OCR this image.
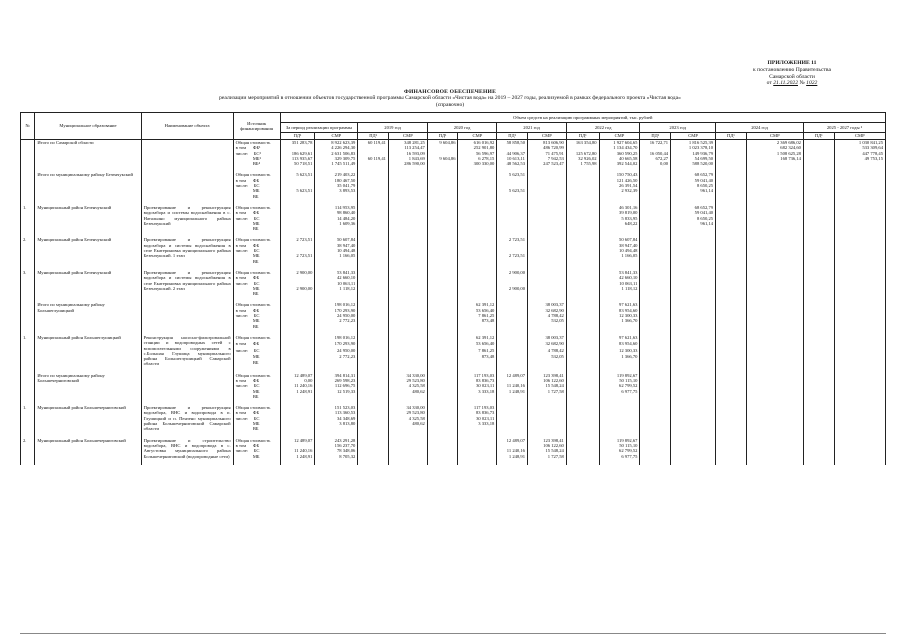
ПРИЛОЖЕНИЕ 11
к постановлению Правительства
Самарской области
от 21.11.2022 № 1022
ФИНАНСОВОЕ ОБЕСПЕЧЕНИЕ
реализации мероприятий в отношении объектов государственной программы Самарской области «Чистая вода» на 2019 – 2027 годы, реализуемой в рамках федерального проекта «Чистая вода»
(справочно)
№	Муниципальное образование	Наименование объекта	Источник финансирования	Объем средств на реализацию программных мероприятий, тыс. рублей															
				За период реализации программы		2019 год		2020 год		2021 год		2022 год		2023 год		2024 год		2025 - 2027 годы ²	
				ПД¹	СМР	ПД¹	СМР	ПД¹	СМР	ПД¹	СМР	ПД¹	СМР	ПД¹	СМР	ПД¹	СМР	ПД¹	СМР
	Итого по Самарской области		Общая стоимость	351 283,78	8 922 623,39	60 119,41	348 281,25	9 604,86	616 016,92	58 858,50	813 606,90	163 354,80	1 927 604,65	16 722,71	1 816 525,39		2 369 686,02		1 030 841,25
			в том      ФБ¹		4 226 294,30		113 254,47		252 901,80		486 720,99		1 134 434,70		1 023 378,10		682 324,60		533 309,64
			числе:     БС²	186 629,61	2 631 506,83		16 593,09		56 596,97	44 906,37	71 475,91	125 672,80	360 590,25	16 050,44	149 936,79		1 508 625,28		447 778,45
			МБ³	113 935,67	329 309,75	60 119,41	1 843,69	9 604,86	6 278,15	10 613,11	7 942,53	32 926,02	40 665,58	672,27	54 699,50		168 736,14		49 753,15
			ВБ⁴	50 718,51	1 745 511,49		286 590,00		300 330,00	48 562,53	247 523,47	1 755,98	392 544,02	0,00	588 520,00				

	Итого по муниципальному району Безенчукский		Общая стоимость	5 623,51	219 403,22					5 623,51			150 750,43		68 652,79				
			в том      ФБ		180 467,50								121 426,50		59 041,40				
			числе:     БС		35 041,79								26 391,54		8 650,25				
			МБ	5 623,51	3 893,53					5 623,51			2 932,39		961,14				
			ВБ																

1.	Муниципальный район Безенчукский	Проектирование и реконструкция водозабора и системы водоснабжения в с. Натальино муниципального района Безенчукский	Общая стоимость		114 953,95								46 301,16		68 652,79				
			в том      ФБ		98 860,40								39 819,00		59 041,40				
			числе:     БС		14 484,20								5 833,95		8 650,25				
			МБ		1 609,36								648,22		961,14				
			ВБ																

2.	Муниципальный район Безенчукский	Проектирование и реконструкция водозабора и системы водоснабжения в селе Екатериновка муниципального района Безенчукский. 1 этап	Общая стоимость	2 723,51	50 607,84					2 723,51			50 607,84						
			в том      ФБ		38 947,40								38 947,40						
			числе:     БС		10 494,48								10 494,48						
			МБ	2 723,51	1 166,05					2 723,51			1 166,05						
			ВБ																

3.	Муниципальный район Безенчукский	Проектирование и реконструкция водозабора и системы водоснабжения в селе Екатериновка муниципального района Безенчукский. 2 этап	Общая стоимость	2 900,00	53 841,33					2 900,00			53 841,33						
			в том      ФБ		42 660,10								42 660,10						
			числе:     БС		10 063,11								10 063,11						
			МБ	2 900,00	1 118,12					2 900,00			1 118,12						
			ВБ																

	Итого по муниципальному району Большеглушицкий		Общая стоимость		198 016,12				62 391,12		38 003,37		97 621,63						
			в том      ФБ		170 293,90				53 656,40		32 682,90		83 954,60						
			числе:     БС		24 950,00				7 861,25		4 788,42		12 300,33						
			МБ		2 772,23				873,48		532,05		1 366,70						
			ВБ																

1.	Муниципальный район Большеглушицкий	Реконструкция насосно-фильтровальной станции и водопроводных сетей с вспомогательными сооружениями в с.Большая Глушица муниципального района Большеглушицкий Самарской области	Общая стоимость		198 016,12				62 391,12		38 003,37		97 621,63						
			в том      ФБ		170 293,90				53 656,40		32 682,90		83 954,60						
			числе:     БС		24 950,00				7 861,25		4 788,42		12 300,33						
			МБ		2 772,23				873,48		532,05		1 366,70						
			ВБ																

	Итого по муниципальному району Большечерниговский		Общая стоимость	12 489,07	394 814,31		34 330,00		117 193,03	12 489,07	123 398,41		119 892,67						
			в том      ФБ	0,00	269 598,23		29 523,80		83 836,73		106 122,60		50 115,10						
			числе:     БС	11 240,16	112 696,75		4 325,58		30 023,11	11 240,16	15 548,24		62 799,52						
			МБ	1 248,91	12 519,33		480,62		3 333,18	1 248,91	1 727,58		6 977,75						
			ВБ																

1.	Муниципальный район Большечерниговский	Проектирование и реконструкция водозабора, ВНС и водопровода в п. Глушицкий и п. Пензено муниципального района Большечерниговский Самарской области	Общая стоимость		151 523,03		34 330,00		117 193,03										
			в том      ФБ		113 360,53		29 523,80		83 836,73										
			числе:     БС		34 348,69		4 325,58		30 023,11										
			МБ		3 813,80		480,62		3 333,18										
			ВБ																

2.	Муниципальный район Большечерниговский	Проектирование и строительство водозабора, ВНС и водопровода в с. Августовка муниципального района Большечерниговский (водопроводные сети)	Общая стоимость	12 489,07	243 291,28					12 489,07	123 398,41		119 892,67						
			в том      ФБ		156 237,70						106 122,60		50 115,10						
			числе:     БС	11 240,16	78 348,06					11 240,16	15 548,24		62 799,52						
			МБ	1 248,91	8 705,32					1 248,91	1 727,58		6 977,75						
